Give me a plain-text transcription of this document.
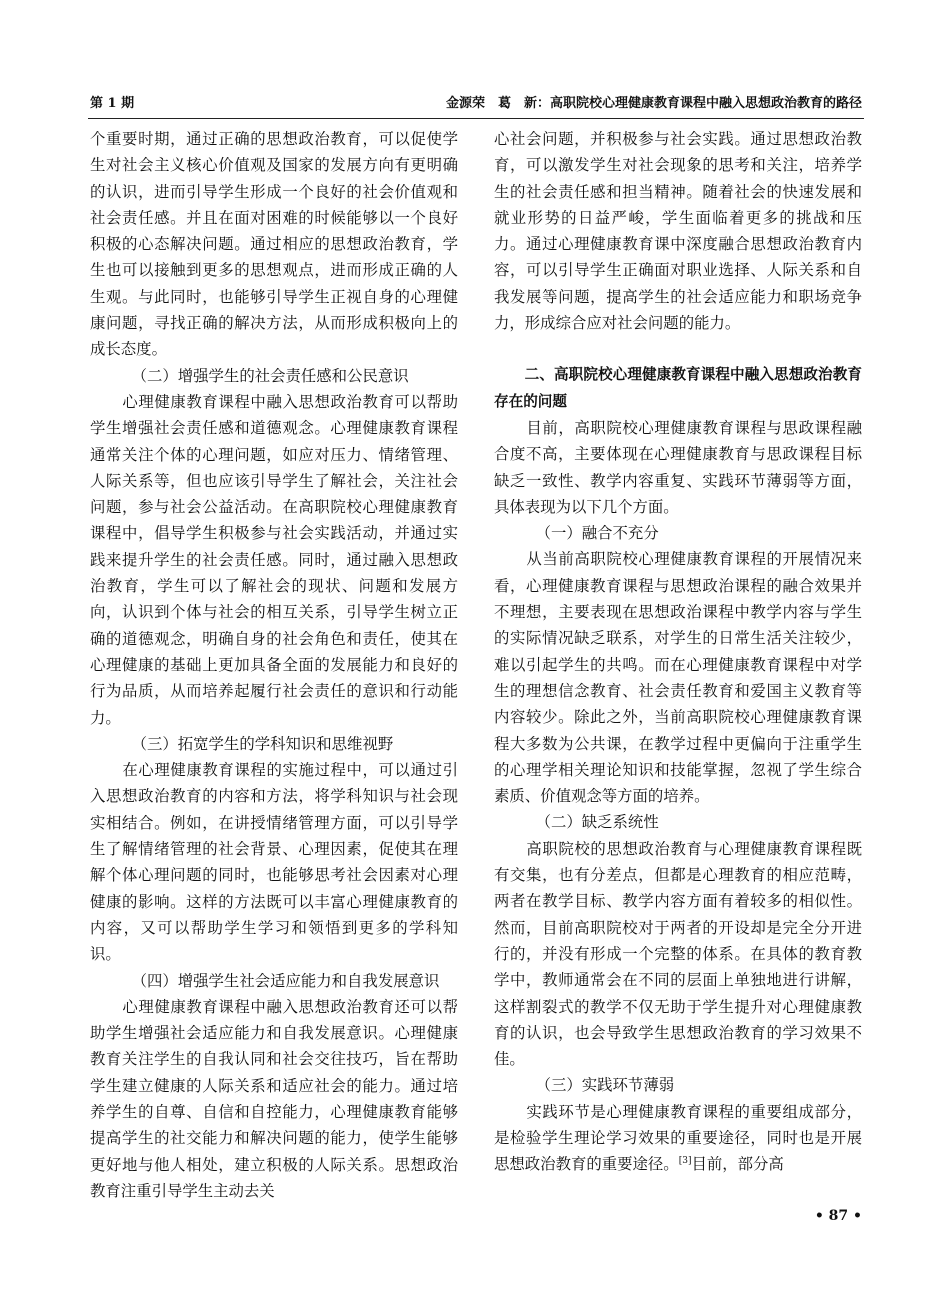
第 1 期	金源荣　葛　新：高职院校心理健康教育课程中融入思想政治教育的路径

个重要时期，通过正确的思想政治教育，可以促使学生对社会主义核心价值观及国家的发展方向有更明确的认识，进而引导学生形成一个良好的社会价值观和社会责任感。并且在面对困难的时候能够以一个良好积极的心态解决问题。通过相应的思想政治教育，学生也可以接触到更多的思想观点，进而形成正确的人生观。与此同时，也能够引导学生正视自身的心理健康问题，寻找正确的解决方法，从而形成积极向上的成长态度。

（二）增强学生的社会责任感和公民意识

心理健康教育课程中融入思想政治教育可以帮助学生增强社会责任感和道德观念。心理健康教育课程通常关注个体的心理问题，如应对压力、情绪管理、人际关系等，但也应该引导学生了解社会，关注社会问题，参与社会公益活动。在高职院校心理健康教育课程中，倡导学生积极参与社会实践活动，并通过实践来提升学生的社会责任感。同时，通过融入思想政治教育，学生可以了解社会的现状、问题和发展方向，认识到个体与社会的相互关系，引导学生树立正确的道德观念，明确自身的社会角色和责任，使其在心理健康的基础上更加具备全面的发展能力和良好的行为品质，从而培养起履行社会责任的意识和行动能力。

（三）拓宽学生的学科知识和思维视野

在心理健康教育课程的实施过程中，可以通过引入思想政治教育的内容和方法，将学科知识与社会现实相结合。例如，在讲授情绪管理方面，可以引导学生了解情绪管理的社会背景、心理因素，促使其在理解个体心理问题的同时，也能够思考社会因素对心理健康的影响。这样的方法既可以丰富心理健康教育的内容，又可以帮助学生学习和领悟到更多的学科知识。

（四）增强学生社会适应能力和自我发展意识

心理健康教育课程中融入思想政治教育还可以帮助学生增强社会适应能力和自我发展意识。心理健康教育关注学生的自我认同和社会交往技巧，旨在帮助学生建立健康的人际关系和适应社会的能力。通过培养学生的自尊、自信和自控能力，心理健康教育能够提高学生的社交能力和解决问题的能力，使学生能够更好地与他人相处，建立积极的人际关系。思想政治教育注重引导学生主动去关

心社会问题，并积极参与社会实践。通过思想政治教育，可以激发学生对社会现象的思考和关注，培养学生的社会责任感和担当精神。随着社会的快速发展和就业形势的日益严峻，学生面临着更多的挑战和压力。通过心理健康教育课中深度融合思想政治教育内容，可以引导学生正确面对职业选择、人际关系和自我发展等问题，提高学生的社会适应能力和职场竞争力，形成综合应对社会问题的能力。

二、高职院校心理健康教育课程中融入思想政治教育存在的问题

目前，高职院校心理健康教育课程与思政课程融合度不高，主要体现在心理健康教育与思政课程目标缺乏一致性、教学内容重复、实践环节薄弱等方面，具体表现为以下几个方面。

（一）融合不充分

从当前高职院校心理健康教育课程的开展情况来看，心理健康教育课程与思想政治课程的融合效果并不理想，主要表现在思想政治课程中教学内容与学生的实际情况缺乏联系，对学生的日常生活关注较少，难以引起学生的共鸣。而在心理健康教育课程中对学生的理想信念教育、社会责任教育和爱国主义教育等内容较少。除此之外，当前高职院校心理健康教育课程大多数为公共课，在教学过程中更偏向于注重学生的心理学相关理论知识和技能掌握，忽视了学生综合素质、价值观念等方面的培养。

（二）缺乏系统性

高职院校的思想政治教育与心理健康教育课程既有交集，也有分差点，但都是心理教育的相应范畴，两者在教学目标、教学内容方面有着较多的相似性。然而，目前高职院校对于两者的开设却是完全分开进行的，并没有形成一个完整的体系。在具体的教育教学中，教师通常会在不同的层面上单独地进行讲解，这样割裂式的教学不仅无助于学生提升对心理健康教育的认识，也会导致学生思想政治教育的学习效果不佳。

（三）实践环节薄弱

实践环节是心理健康教育课程的重要组成部分，是检验学生理论学习效果的重要途径，同时也是开展思想政治教育的重要途径。[3]目前，部分高

• 87 •
